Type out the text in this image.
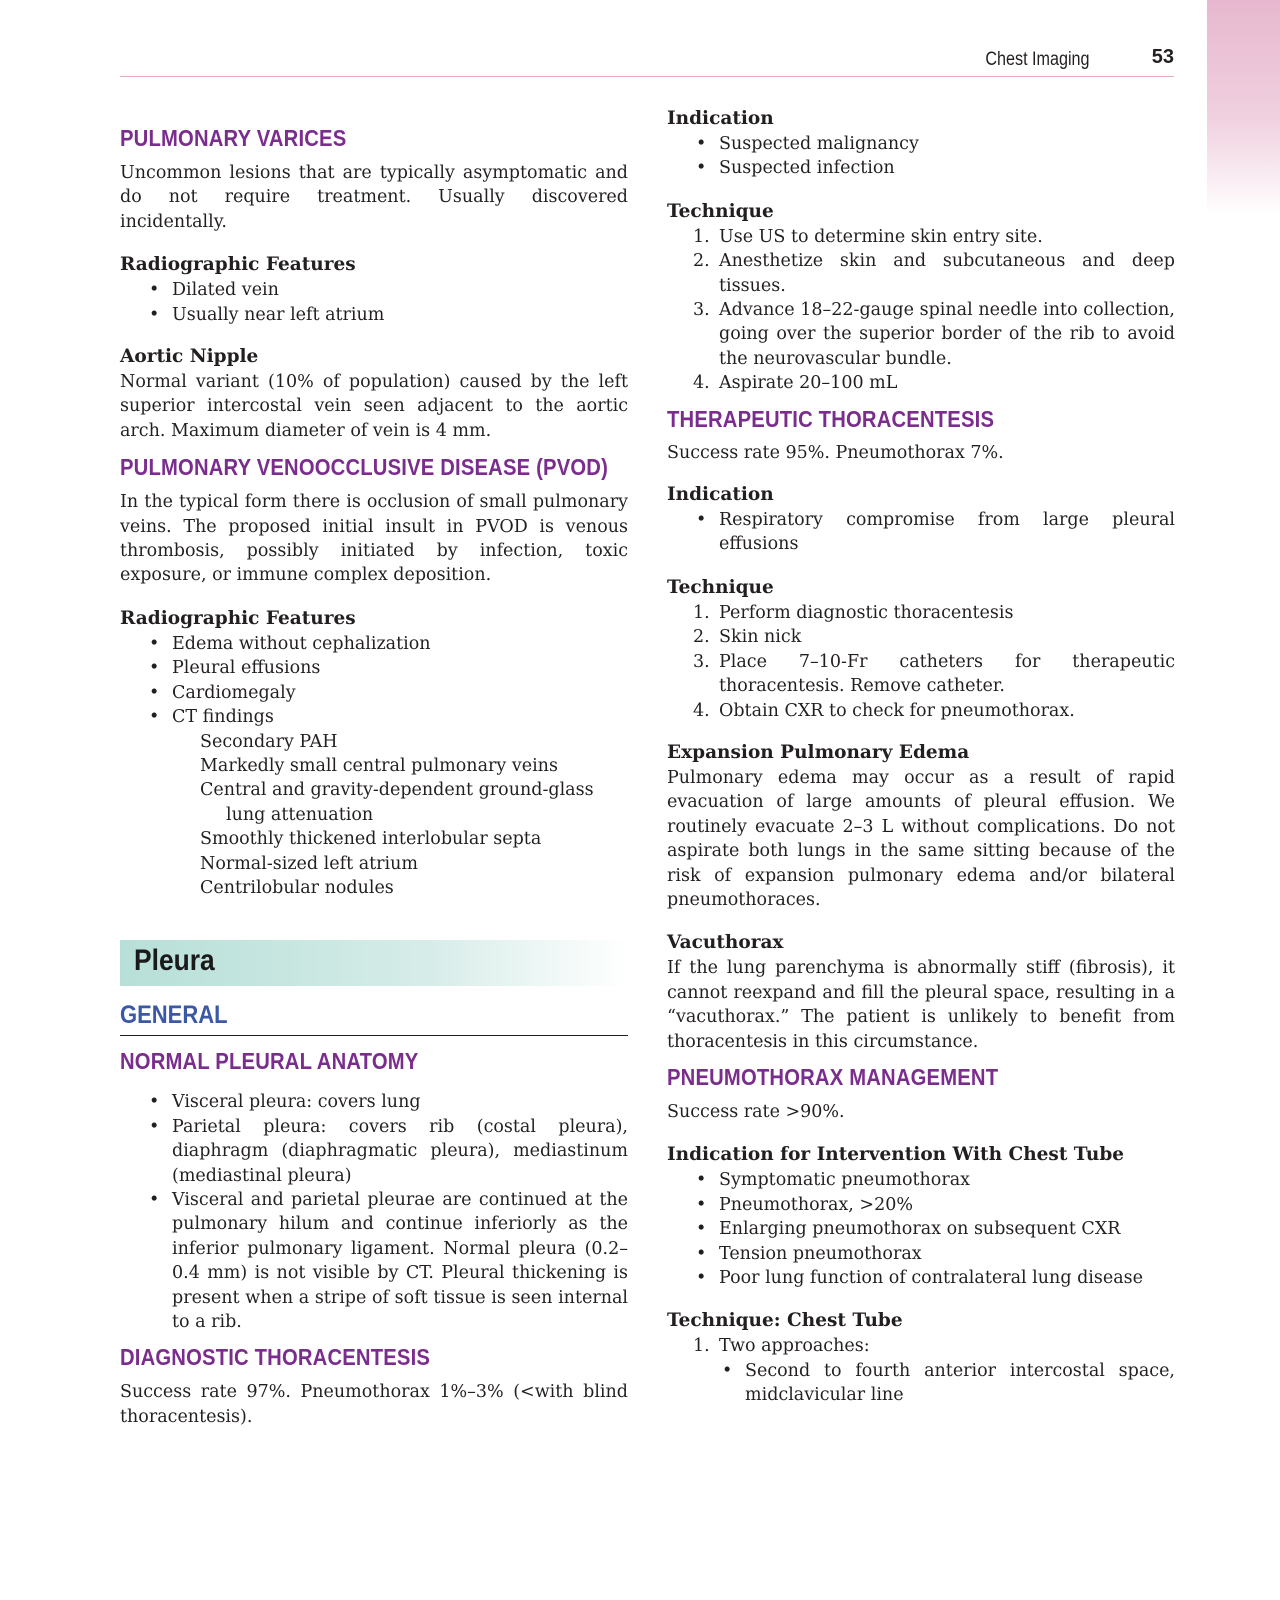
Chest Imaging	53
PULMONARY VARICES

Uncommon lesions that are typically asymptomatic and do not require treatment. Usually discovered incidentally.

Radiographic Features
• Dilated vein
• Usually near left atrium
Aortic Nipple

Normal variant (10% of population) caused by the left superior intercostal vein seen adjacent to the aortic arch. Maximum diameter of vein is 4 mm.

PULMONARY VENOOCCLUSIVE DISEASE (PVOD)

In the typical form there is occlusion of small pulmonary veins. The proposed initial insult in PVOD is venous thrombosis, possibly initiated by infection, toxic exposure, or immune complex deposition.

Radiographic Features
• Edema without cephalization
• Pleural effusions
• Cardiomegaly
• CT findings
Secondary PAH
Markedly small central pulmonary veins
Central and gravity-dependent ground-glass lung attenuation
Smoothly thickened interlobular septa
Normal-sized left atrium
Centrilobular nodules
Pleura
GENERAL
NORMAL PLEURAL ANATOMY
• Visceral pleura: covers lung
• Parietal pleura: covers rib (costal pleura), diaphragm (diaphragmatic pleura), mediastinum (mediastinal pleura)
• Visceral and parietal pleurae are continued at the pulmonary hilum and continue inferiorly as the inferior pulmonary ligament. Normal pleura (0.2–0.4 mm) is not visible by CT. Pleural thickening is present when a stripe of soft tissue is seen internal to a rib.
DIAGNOSTIC THORACENTESIS

Success rate 97%. Pneumothorax 1%–3% (<with blind thoracentesis).

Indication
• Suspected malignancy
• Suspected infection
Technique
1. Use US to determine skin entry site.
2. Anesthetize skin and subcutaneous and deep tissues.
3. Advance 18–22-gauge spinal needle into collection, going over the superior border of the rib to avoid the neurovascular bundle.
4. Aspirate 20–100 mL
THERAPEUTIC THORACENTESIS

Success rate 95%. Pneumothorax 7%.

Indication
• Respiratory compromise from large pleural effusions
Technique
1. Perform diagnostic thoracentesis
2. Skin nick
3. Place 7–10-Fr catheters for therapeutic thoracentesis. Remove catheter.
4. Obtain CXR to check for pneumothorax.
Expansion Pulmonary Edema

Pulmonary edema may occur as a result of rapid evacuation of large amounts of pleural effusion. We routinely evacuate 2–3 L without complications. Do not aspirate both lungs in the same sitting because of the risk of expansion pulmonary edema and/or bilateral pneumothoraces.

Vacuthorax

If the lung parenchyma is abnormally stiff (fibrosis), it cannot reexpand and fill the pleural space, resulting in a “vacuthorax.” The patient is unlikely to benefit from thoracentesis in this circumstance.

PNEUMOTHORAX MANAGEMENT

Success rate >90%.

Indication for Intervention With Chest Tube
• Symptomatic pneumothorax
• Pneumothorax, >20%
• Enlarging pneumothorax on subsequent CXR
• Tension pneumothorax
• Poor lung function of contralateral lung disease
Technique: Chest Tube
1. Two approaches:
• Second to fourth anterior intercostal space, midclavicular line
